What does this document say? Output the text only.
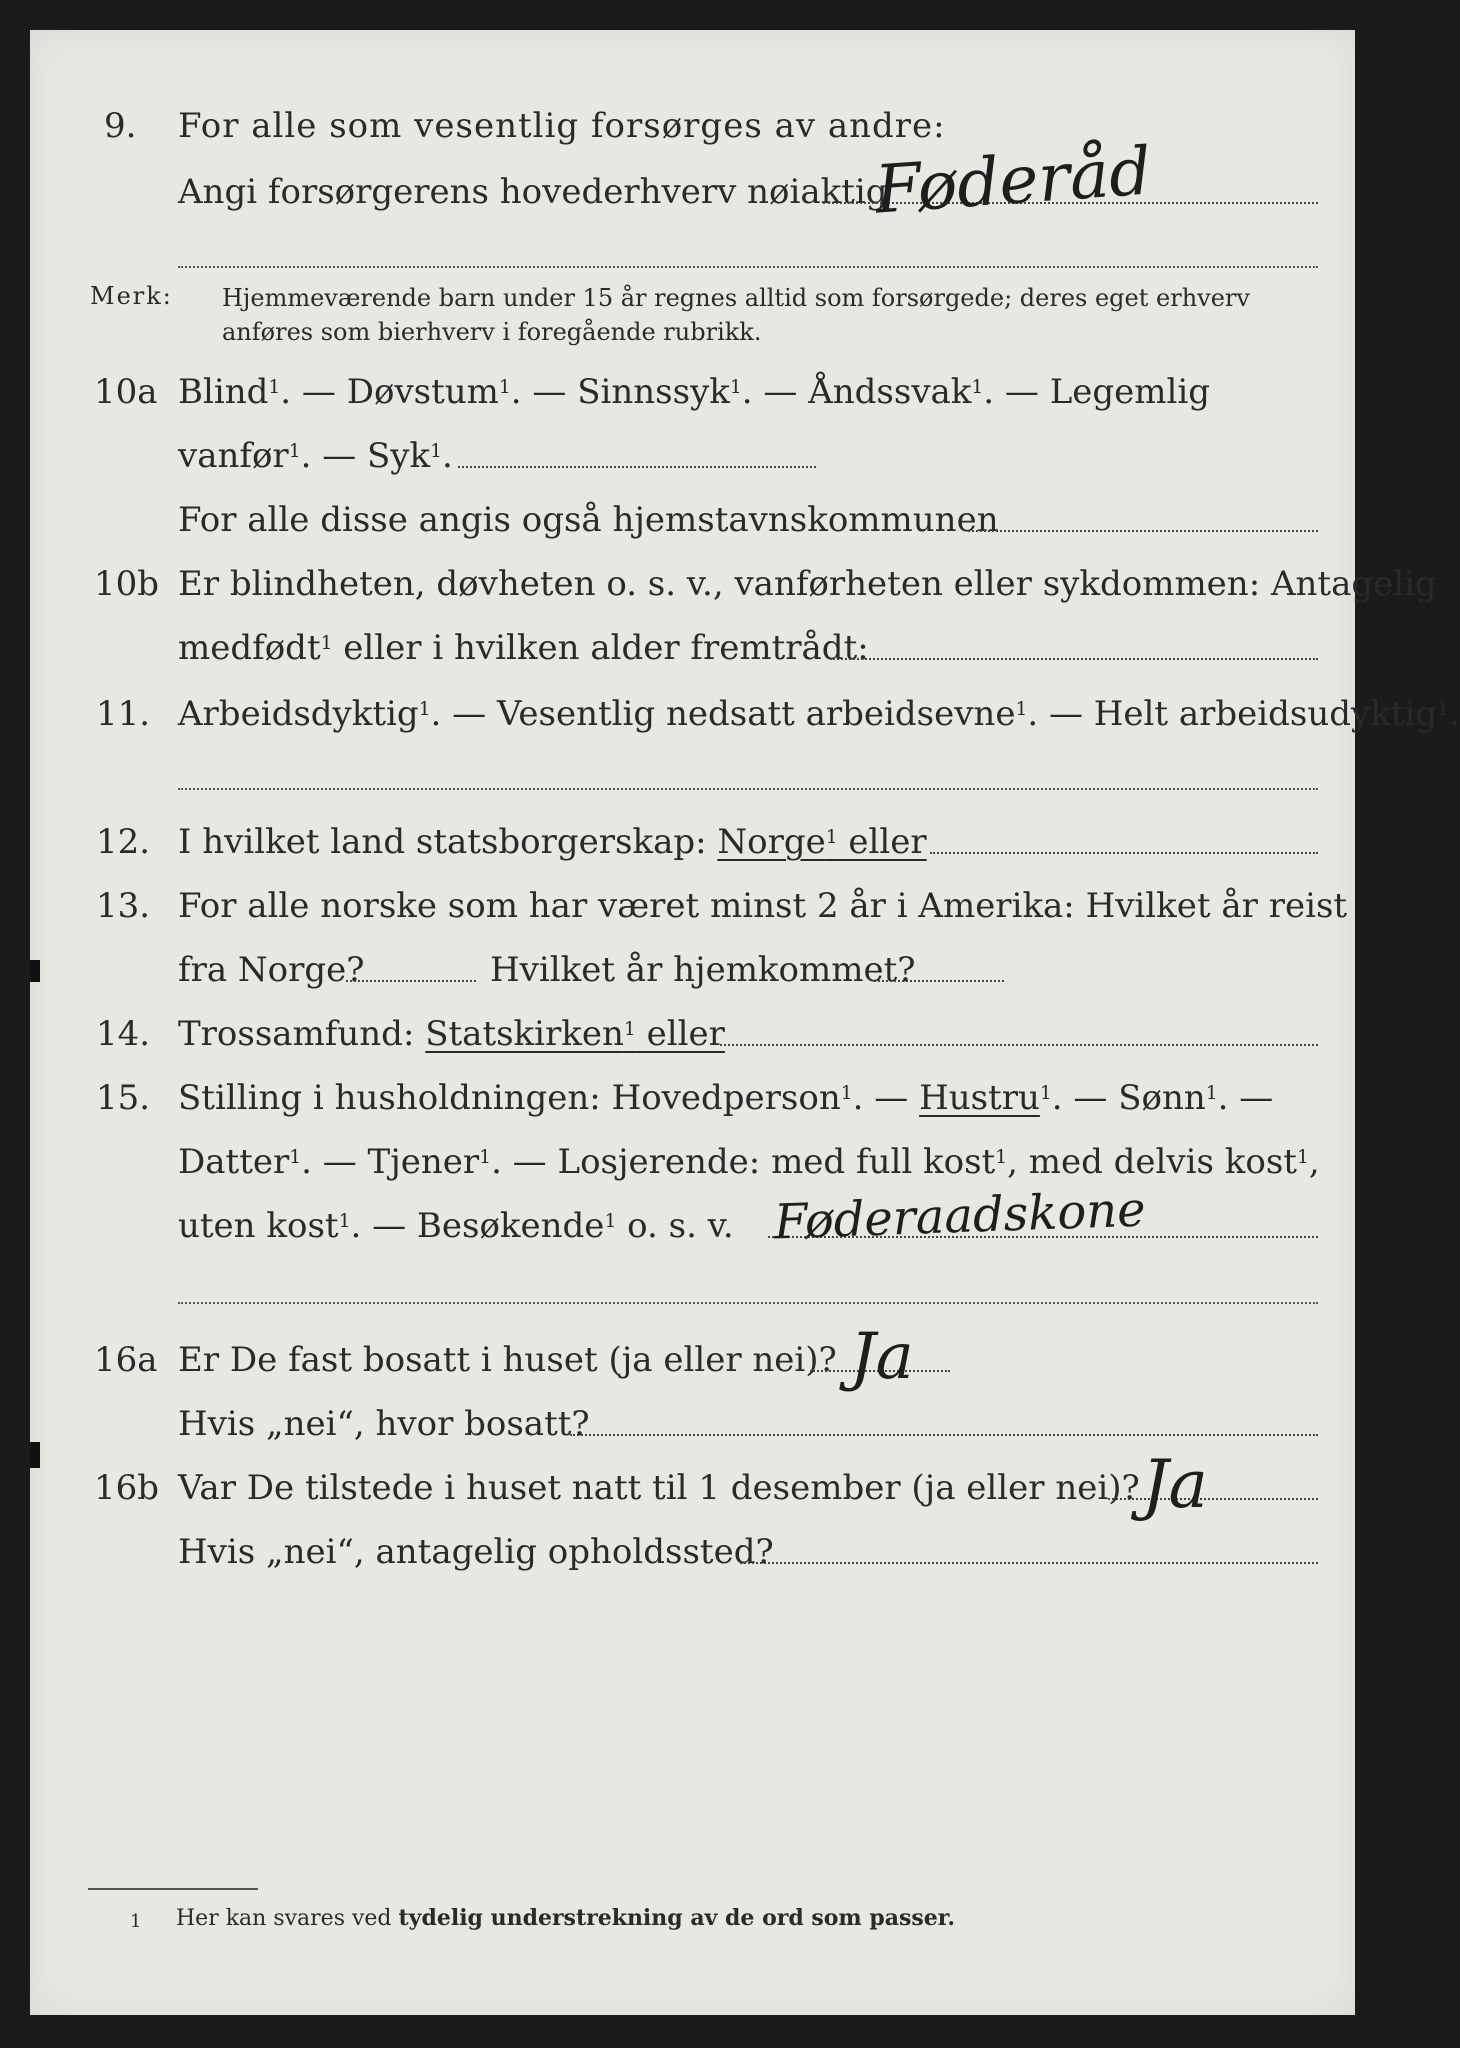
9. For alle som vesentlig forsørges av andre:
Angi forsørgerens hovederhverv nøiaktig
Føderåd
Merk: Hjemmeværende barn under 15 år regnes alltid som forsørgede; deres eget erhverv
anføres som bierhverv i foregående rubrikk.
10a Blind$^1$. — Døvstum$^1$. — Sinnssyk$^1$. — Åndssvak$^1$. — Legemlig
vanfør$^1$. — Syk$^1$.
For alle disse angis også hjemstavnskommunen
10b Er blindheten, døvheten o. s. v., vanførheten eller sykdommen: Antagelig
medfødt$^1$ eller i hvilken alder fremtrådt:
11. Arbeidsdyktig$^1$. — Vesentlig nedsatt arbeidsevne$^1$. — Helt arbeidsudyktig$^1$.
12. I hvilket land statsborgerskap: Norge$^1$ eller
13. For alle norske som har været minst 2 år i Amerika: Hvilket år reist
fra Norge?	Hvilket år hjemkommet?
14. Trossamfund: Statskirken$^1$ eller
15. Stilling i husholdningen: Hovedperson$^1$. — Hustru$^1$. — Sønn$^1$. —
Datter$^1$. — Tjener$^1$. — Losjerende: med full kost$^1$, med delvis kost$^1$,
uten kost$^1$. — Besøkende$^1$ o. s. v. Føderaadskone
16a Er De fast bosatt i huset (ja eller nei)? Ja
Hvis „nei“, hvor bosatt?
16b Var De tilstede i huset natt til 1 desember (ja eller nei)? Ja
Hvis „nei“, antagelig opholdssted?
1 Her kan svares ved tydelig understrekning av de ord som passer.
